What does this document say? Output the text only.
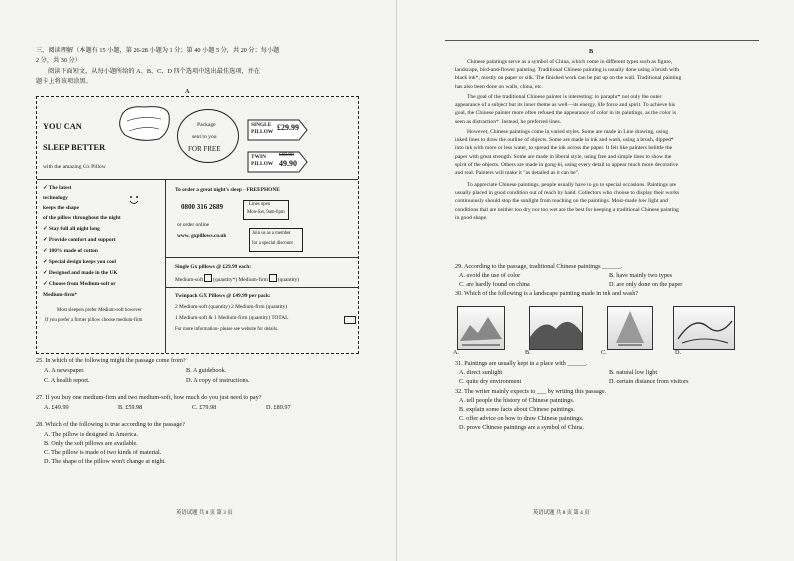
三、阅读理解（本题有 15 小题，第 26-28 小题为 1 分；第 40 小题 5 分，共 20 分；每小题
2 分，共 30 分）
阅读下面短文，从每小题所给的 A、B、C、D 四个选项中选出最佳选项，并在
题卡上将该项涂黑。
A
YOU CAN
SLEEP BETTER
with the amazing Gx Pillow
Package
sent to you
FOR FREE
SINGLE
PILLOW £29.99
TWIN
PILLOW
£69.98
49.90
✓ The latest
technology
keeps the shape
of the pillow throughout the night
✓ Stay full all night long
✓ Provide comfort and support
✓ 100% made of cotton
✓ Special design keeps you cool
✓ Designed and made in the UK
✓ Choose from Medium-soft or
Medium-firm*
Most sleepers prefer Medium-soft however
If you prefer a firmer pillow choose medium-firm
To order a great night's sleep - FREEPHONE
0800 316 2689	Lines open
Mon-Sat, 9am-6pm
or order online
www. gxpillows.co.uk	Join us as a member
for a special discount
Single Gx pillows @ £29.99 each:
Medium-soft (quantity*) Medium-firm (quantity)
Twinpack GX Pillows @ £49.99 per pack:
2 Medium-soft (quantity) 2 Medium-firm (quantity)
1 Medium-soft & 1 Medium-firm (quantity) TOTAL
For more information- please see website for details.
25. In which of the following might the passage come from?
A. A newspaper.	B. A guidebook.
C. A health report.	D. A copy of instructions.
27. If you buy one medium-firm and two medium-soft, how much do you just need to pay?
A. £49.99	B. £59.98	C. £79.98	D. £89.97
28. Which of the following is true according to the passage?
A. The pillow is designed in America.
B. Only the soft pillows are available.
C. The pillow is made of two kinds of material.
D. The shape of the pillow won't change at night.
英语试题 共 8 页 第 3 页
B
Chinese paintings serve as a symbol of China, which come in different types such as figure,
landscape, bird-and-flower painting. Traditional Chinese painting is usually done using a brush with
black ink*, mostly on paper or silk. The finished work can be put up on the wall. Traditional painting
has also been done on walls, china, etc.
The goal of the traditional Chinese painter is interesting: to paraphr* not only the outer
appearance of a subject but its inner theme as well—its energy, life force and spirit. To achieve his
goal, the Chinese painter more often refused the appearance of color in its paintings, as the color is
seen as distraction*. Instead, he preferred lines.
However, Chinese paintings come in varied styles. Some are made in Line drawing, using
inked lines to draw the outline of objects. Some are made in ink and wash, using a brush, dipped*
into ink with more or less water, to spread the ink across the paper. It felt like painters belittle the
paper with great strength. Some are made in liberal style, using free and simple lines to show the
spirit of the objects. Others are made in gong-bi, using every detail to appear much more decorative
and real. Painters will make it "as detailed as it can be".
To appreciate Chinese paintings, people usually have to go to special occasions. Paintings are
usually placed in good condition out of reach by hand. Collectors who choose to display their works
continuously should stop the sunlight from reaching on the paintings. Most-made low light and
conditions that are neither too dry nor too wet are the best for keeping a traditional Chinese painting
in good shape.
29. According to the passage, traditional Chinese paintings ______.
A. avoid the use of color	B. have mainly two types
C. are hardly found on china	D. are only done on the paper
30. Which of the following is a landscape painting made in ink and wash?
A.	B.	C.	D.
31. Paintings are usually kept in a place with ______.
A. direct sunlight	B. natural low light
C. quite dry environment	D. certain distance from visitors
32. The writer mainly expects to ___ by writing this passage.
A. tell people the history of Chinese paintings.
B. explain some facts about Chinese paintings.
C. offer advice on how to draw Chinese paintings.
D. prove Chinese paintings are a symbol of China.
英语试题 共 8 页 第 4 页
